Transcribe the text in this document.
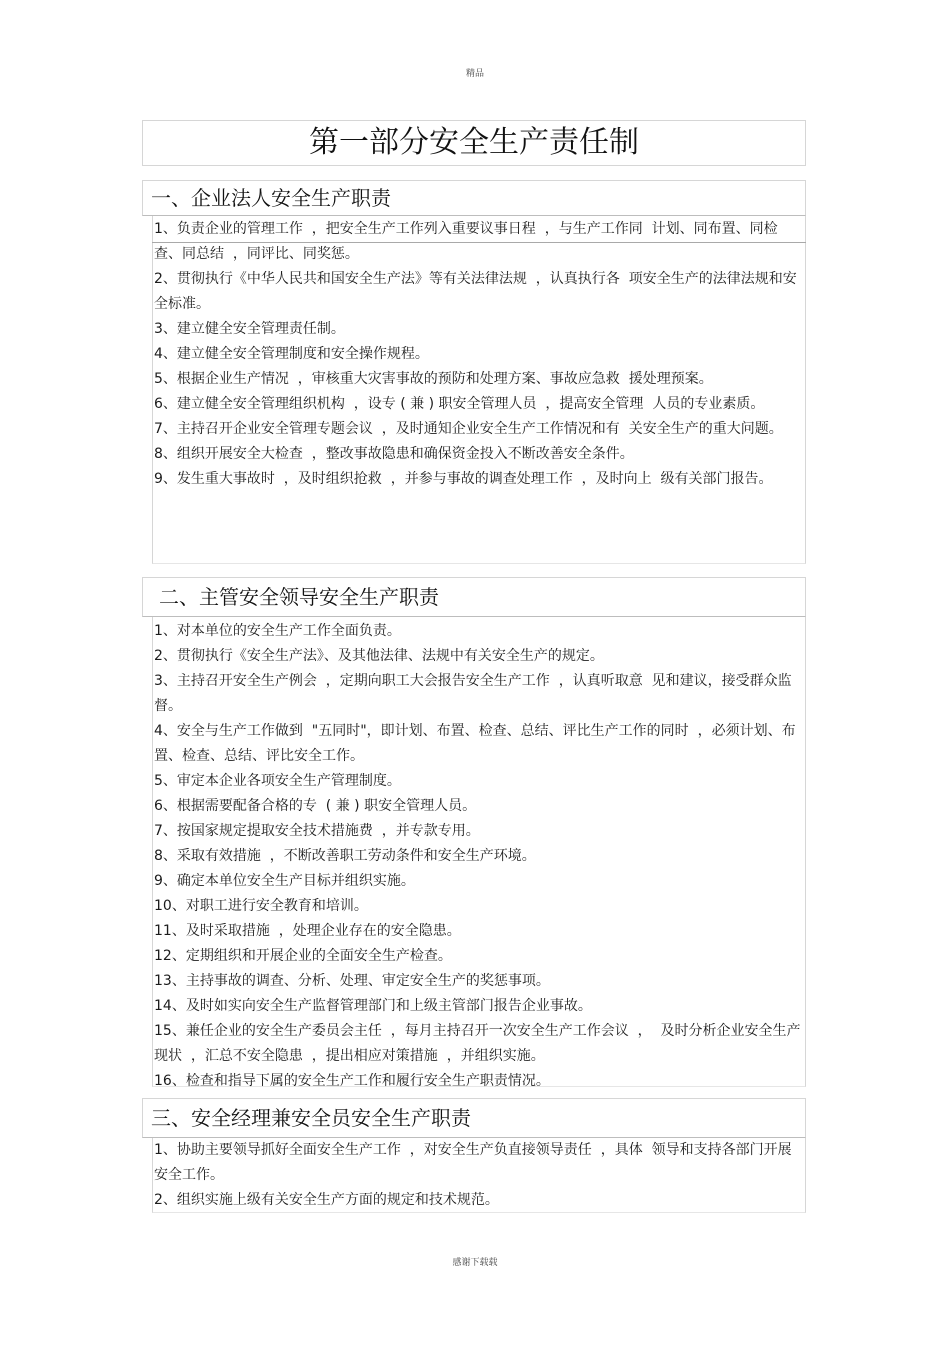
精品
第一部分安全生产责任制
一、企业法人安全生产职责
1、负责企业的管理工作  ，把安全生产工作列入重要议事日程  ，与生产工作同  计划、同布置、同检查、同总结  ，同评比、同奖惩。
2、贯彻执行《中华人民共和国安全生产法》等有关法律法规  ，认真执行各  项安全生产的法律法规和安全标准。
3、建立健全安全管理责任制。
4、建立健全安全管理制度和安全操作规程。
5、根据企业生产情况  ，审核重大灾害事故的预防和处理方案、事故应急救  援处理预案。
6、建立健全安全管理组织机构  ，设专 ( 兼 ) 职安全管理人员  ，提高安全管理  人员的专业素质。
7、主持召开企业安全管理专题会议  ，及时通知企业安全生产工作情况和有  关安全生产的重大问题。
8、组织开展安全大检查  ，整改事故隐患和确保资金投入不断改善安全条件。
9、发生重大事故时  ，及时组织抢救  ，并参与事故的调查处理工作  ，及时向上  级有关部门报告。
二、主管安全领导安全生产职责
1、对本单位的安全生产工作全面负责。
2、贯彻执行《安全生产法》、及其他法律、法规中有关安全生产的规定。
3、主持召开安全生产例会  ，定期向职工大会报告安全生产工作  ，认真听取意  见和建议，接受群众监督。
4、安全与生产工作做到  "五同时"，即计划、布置、检查、总结、评比生产工作的同时  ，必须计划、布置、检查、总结、评比安全工作。
5、审定本企业各项安全生产管理制度。
6、根据需要配备合格的专  ( 兼 ) 职安全管理人员。
7、按国家规定提取安全技术措施费  ，并专款专用。
8、采取有效措施  ，不断改善职工劳动条件和安全生产环境。
9、确定本单位安全生产目标并组织实施。
10、对职工进行安全教育和培训。
11、及时采取措施  ，处理企业存在的安全隐患。
12、定期组织和开展企业的全面安全生产检查。
13、主持事故的调查、分析、处理、审定安全生产的奖惩事项。
14、及时如实向安全生产监督管理部门和上级主管部门报告企业事故。
15、兼任企业的安全生产委员会主任  ，每月主持召开一次安全生产工作会议  ，  及时分析企业安全生产现状  ，汇总不安全隐患  ，提出相应对策措施  ，并组织实施。
16、检查和指导下属的安全生产工作和履行安全生产职责情况。
三、安全经理兼安全员安全生产职责
1、协助主要领导抓好全面安全生产工作  ，对安全生产负直接领导责任  ，具体  领导和支持各部门开展安全工作。
2、组织实施上级有关安全生产方面的规定和技术规范。
感谢下载载
